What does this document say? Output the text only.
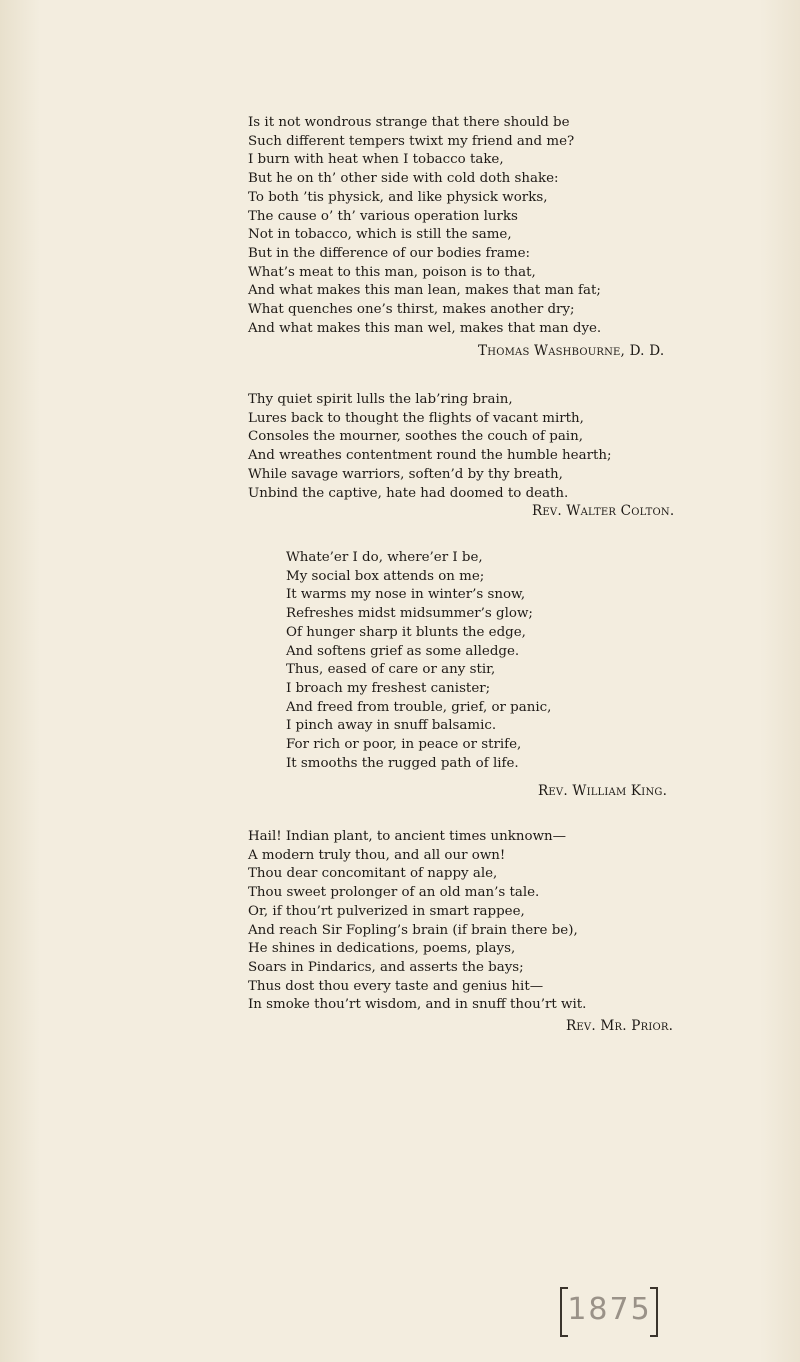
Is it not wondrous strange that there should be
Such different tempers twixt my friend and me?
I burn with heat when I tobacco take,
But he on th’ other side with cold doth shake:
To both ’tis physick, and like physick works,
The cause o’ th’ various operation lurks
Not in tobacco, which is still the same,
But in the difference of our bodies frame:
What’s meat to this man, poison is to that,
And what makes this man lean, makes that man fat;
What quenches one’s thirst, makes another dry;
And what makes this man wel, makes that man dye.
Thomas Washbourne, D. D.
Thy quiet spirit lulls the lab’ring brain,
Lures back to thought the flights of vacant mirth,
Consoles the mourner, soothes the couch of pain,
And wreathes contentment round the humble hearth;
While savage warriors, soften’d by thy breath,
Unbind the captive, hate had doomed to death.
Rev. Walter Colton.
Whate’er I do, where’er I be,
My social box attends on me;
It warms my nose in winter’s snow,
Refreshes midst midsummer’s glow;
Of hunger sharp it blunts the edge,
And softens grief as some alledge.
Thus, eased of care or any stir,
I broach my freshest canister;
And freed from trouble, grief, or panic,
I pinch away in snuff balsamic.
For rich or poor, in peace or strife,
It smooths the rugged path of life.
Rev. William King.
Hail! Indian plant, to ancient times unknown—
A modern truly thou, and all our own!
Thou dear concomitant of nappy ale,
Thou sweet prolonger of an old man’s tale.
Or, if thou’rt pulverized in smart rappee,
And reach Sir Fopling’s brain (if brain there be),
He shines in dedications, poems, plays,
Soars in Pindarics, and asserts the bays;
Thus dost thou every taste and genius hit—
In smoke thou’rt wisdom, and in snuff thou’rt wit.
Rev. Mr. Prior.
1875
